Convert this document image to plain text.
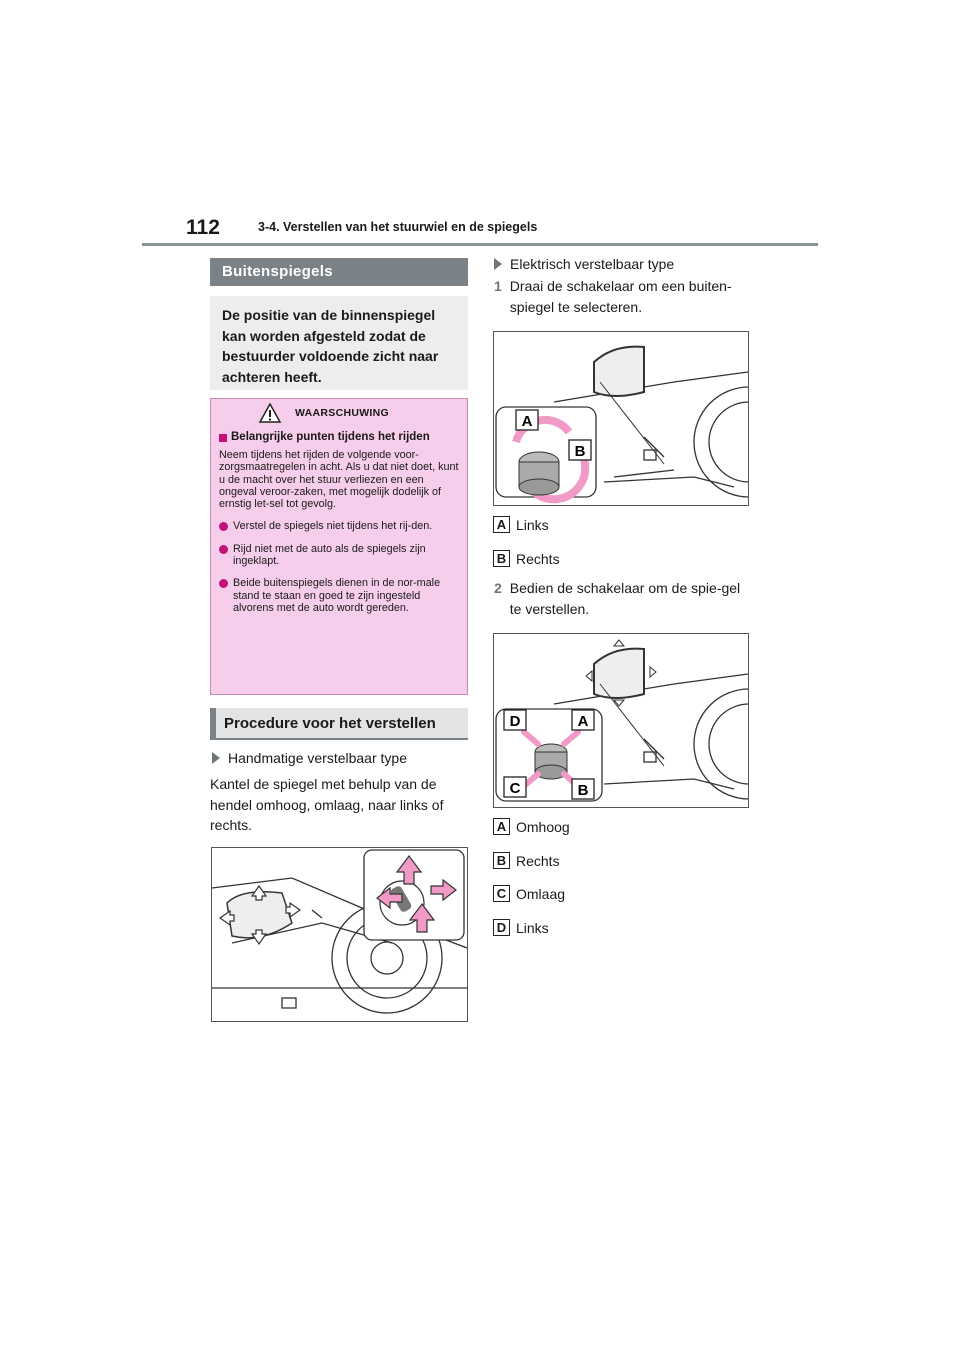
112	3-4. Verstellen van het stuurwiel en de spiegels
Buitenspiegels
De positie van de binnenspiegel kan worden afgesteld zodat de bestuurder voldoende zicht naar achteren heeft.
WAARSCHUWING
Belangrijke punten tijdens het rijden
Neem tijdens het rijden de volgende voor-zorgsmaatregelen in acht. Als u dat niet doet, kunt u de macht over het stuur verliezen en een ongeval veroor-zaken, met mogelijk dodelijk of ernstig let-sel tot gevolg.
Verstel de spiegels niet tijdens het rij-den.
Rijd niet met de auto als de spiegels zijn ingeklapt.
Beide buitenspiegels dienen in de nor-male stand te staan en goed te zijn ingesteld alvorens met de auto wordt gereden.
Procedure voor het verstellen
Handmatige verstelbaar type
Kantel de spiegel met behulp van de hendel omhoog, omlaag, naar links of rechts.
Elektrisch verstelbaar type
1 Draai de schakelaar om een buiten-spiegel te selecteren.
A
B
A Links
B Rechts
2 Bedien de schakelaar om de spie-gel te verstellen.
D	A
C	B
A Omhoog
B Rechts
C Omlaag
D Links
